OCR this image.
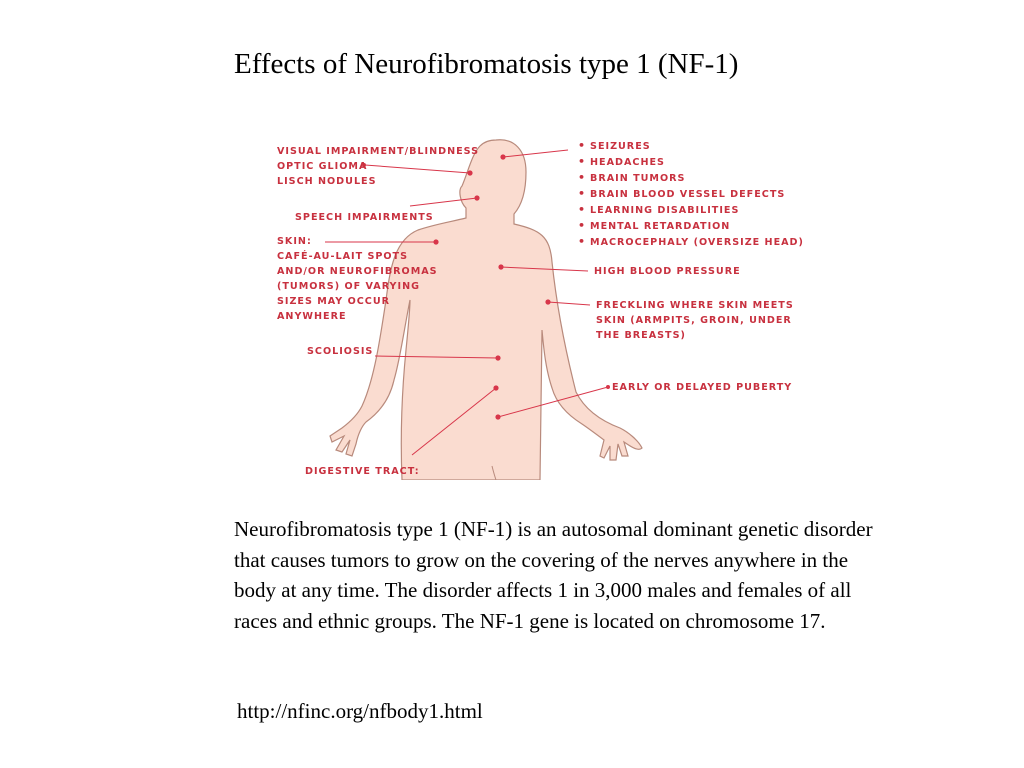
Effects of Neurofibromatosis type 1 (NF-1)
VISUAL IMPAIRMENT/BLINDNESS
OPTIC GLIOMA
LISCH NODULES
SPEECH IMPAIRMENTS
SKIN:
CAFÉ-AU-LAIT SPOTS
AND/OR NEUROFIBROMAS
(TUMORS) OF VARYING
SIZES MAY OCCUR
ANYWHERE
SCOLIOSIS
DIGESTIVE TRACT:
• SEIZURES
• HEADACHES
• BRAIN TUMORS
• BRAIN BLOOD VESSEL DEFECTS
• LEARNING DISABILITIES
• MENTAL RETARDATION
• MACROCEPHALY (OVERSIZE HEAD)
HIGH BLOOD PRESSURE
FRECKLING WHERE SKIN MEETS
SKIN (ARMPITS, GROIN, UNDER
THE BREASTS)
EARLY OR DELAYED PUBERTY
Neurofibromatosis type 1 (NF-1) is an autosomal dominant genetic disorder that causes tumors to grow on the covering of the nerves anywhere in the body at any time. The disorder affects 1 in 3,000 males and females of all races and ethnic groups. The NF-1 gene is located on chromosome 17.
http://nfinc.org/nfbody1.html
